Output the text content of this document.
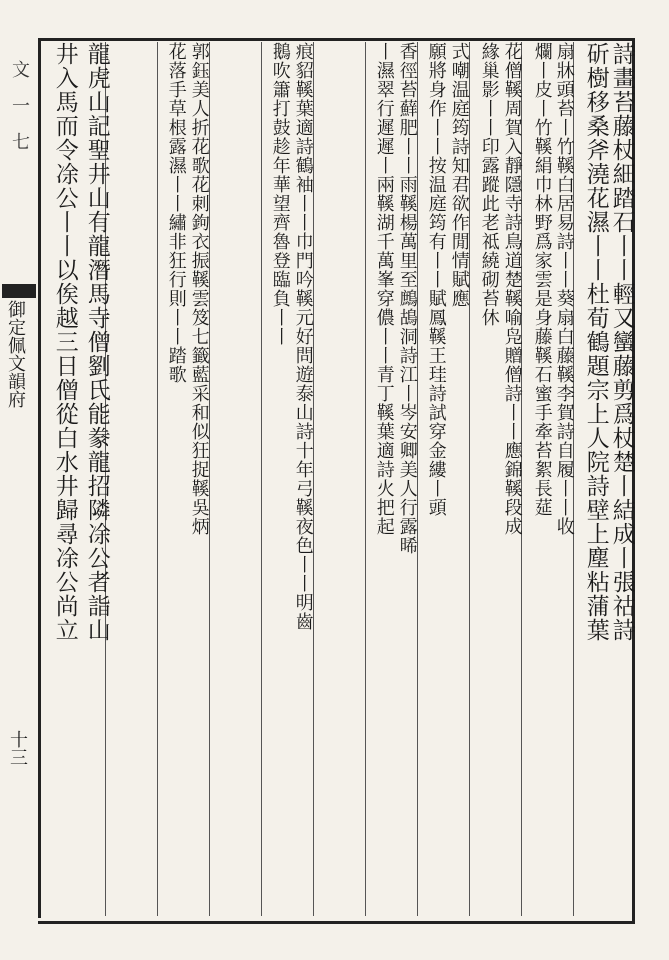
文　一　七
御定佩文韻府
十三
詩畫苔藤杖細踏石丨丨輕又蠻藤剪爲杖楚丨結成丨張祜詩
斫樹移桑斧澆花濕丨丨杜荀鶴題宗上人院詩壁上塵粘蒲葉
扇牀頭苔丨竹鞵白居易詩丨丨葵扇白藤鞵李賀詩自履丨丨收
爛丨皮丨竹鞵絹巾林野爲家雲是身藤鞵石蜜手牽苔絮長莚
花僧鞵周賀入靜隱寺詩鳥道楚鞵喻凫贈僧詩丨丨應錦鞵段成
緣巢影丨丨印露蹤此老祗繞砌苔休
式嘲温庭筠詩知君欲作閒情賦應
願將身作丨丨按温庭筠有丨丨賦鳳鞵王珪詩試穿金縷丨頭
香徑苔蘚肥丨丨雨鞵楊萬里至鷓鴣洞詩江丨岑安卿美人行露晞
丨濕翠行遲遲丨兩鞵湖千萬峯穿儂丨丨青丁鞵葉適詩火把起
痕貂鞵葉適詩鶴袖丨丨巾門吟鞵元好問遊泰山詩十年弓鞵夜色丨丨明齒
鵝吹簫打鼓趁年華望齊魯登臨負丨丨
郭鈺美人折花歌花刺鉤衣振鞵雲笈七籤藍采和似狂捉鞵吳炳
花落手草根露濕丨丨繡非狂行則丨丨踏歌
龍虎山記聖井山有龍潛馬寺僧劉氏能豢龍招隣凃公者詣山
井入馬而令凃公丨丨以俟越三日僧從白水井歸尋凃公尚立
